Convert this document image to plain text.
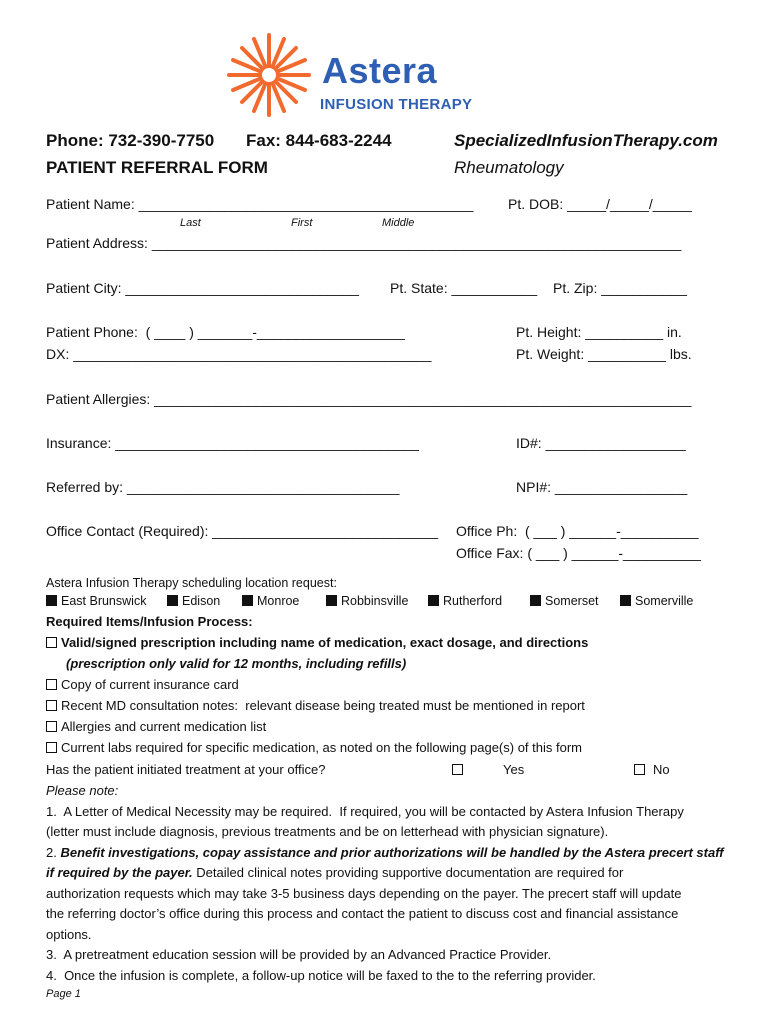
Astera
INFUSION THERAPY
Phone: 732-390-7750 Fax: 844-683-2244	SpecializedInfusionTherapy.com
PATIENT REFERRAL FORM	Rheumatology
Patient Name: ___________________________________________ Pt. DOB: _____/_____/_____
Last	First	Middle
Patient Address: ____________________________________________________________________
Patient City: ______________________________ Pt. State: ___________ Pt. Zip: ___________
Patient Phone:  ( ____ ) _______-___________________	Pt. Height: __________ in.
DX: ______________________________________________	Pt. Weight: __________ lbs.
Patient Allergies: _____________________________________________________________________
Insurance: _______________________________________	ID#: __________________
Referred by: ___________________________________	NPI#: _________________
Office Contact (Required): _____________________________ Office Ph:  ( ___ ) ______-__________
Office Fax: ( ___ ) ______-__________
Astera Infusion Therapy scheduling location request:
East Brunswick	Edison	Monroe	Robbinsville	Rutherford	Somerset	Somerville
Required Items/Infusion Process:
Valid/signed prescription including name of medication, exact dosage, and directions
(prescription only valid for 12 months, including refills)
Copy of current insurance card
Recent MD consultation notes:  relevant disease being treated must be mentioned in report
Allergies and current medication list
Current labs required for specific medication, as noted on the following page(s) of this form
Has the patient initiated treatment at your office?	Yes	No
Please note:
1.  A Letter of Medical Necessity may be required.  If required, you will be contacted by Astera Infusion Therapy
(letter must include diagnosis, previous treatments and be on letterhead with physician signature).
2. Benefit investigations, copay assistance and prior authorizations will be handled by the Astera precert staff
if required by the payer. Detailed clinical notes providing supportive documentation are required for
authorization requests which may take 3-5 business days depending on the payer. The precert staff will update
the referring doctor’s office during this process and contact the patient to discuss cost and financial assistance
options.
3.  A pretreatment education session will be provided by an Advanced Practice Provider.
4.  Once the infusion is complete, a follow-up notice will be faxed to the to the referring provider.
Page 1
